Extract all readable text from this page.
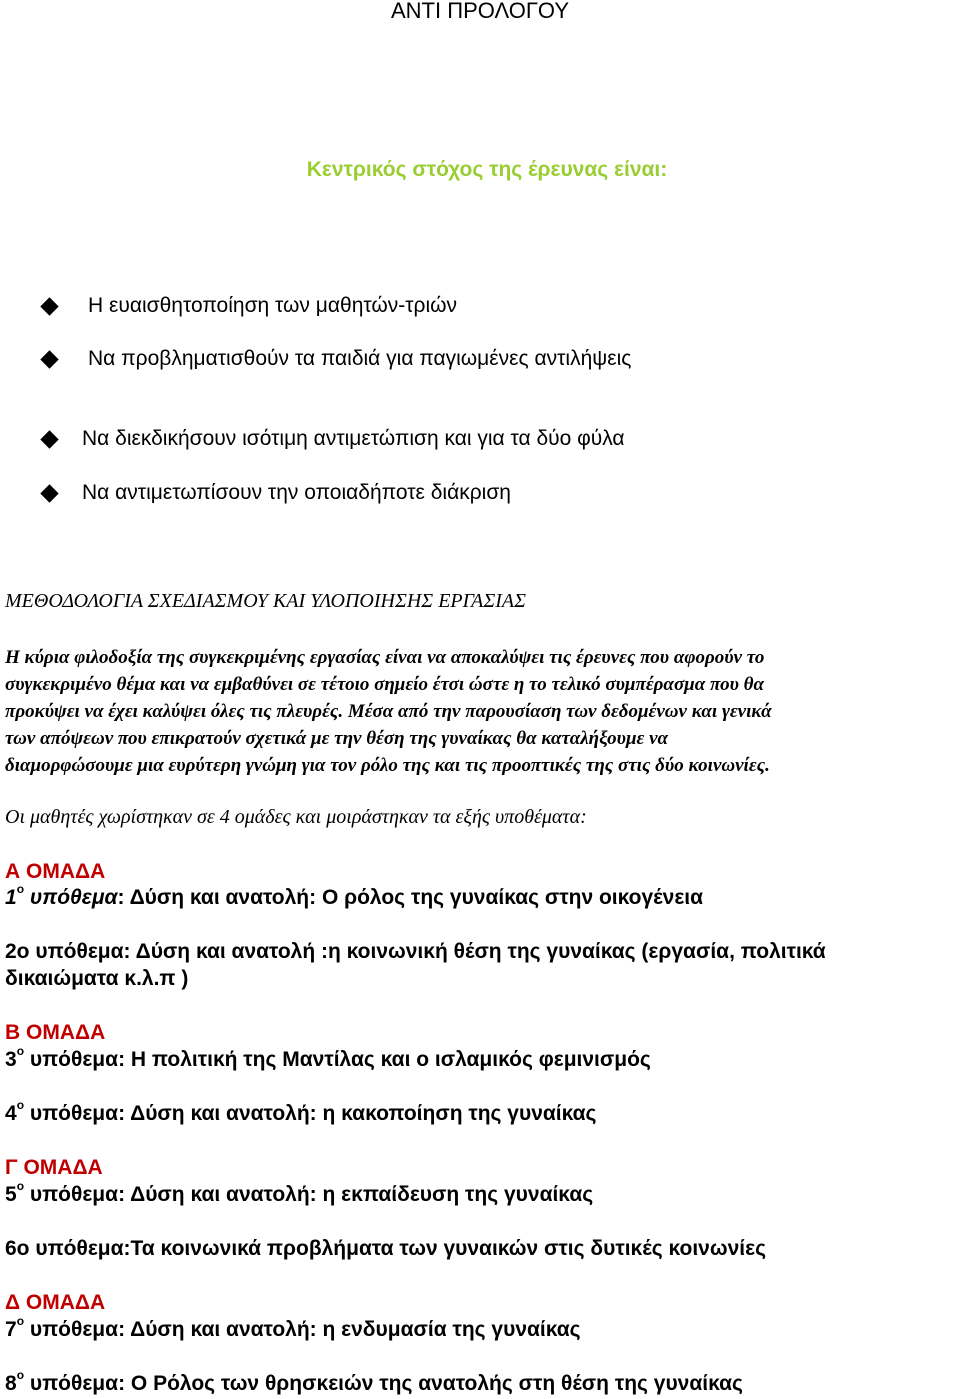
ΑΝΤΙ ΠΡΟΛΟΓΟΥ
Κεντρικός στόχος της έρευνας είναι:
Η ευαισθητοποίηση των μαθητών-τριών
Να προβληματισθούν τα παιδιά για παγιωμένες αντιλήψεις
Να διεκδικήσουν ισότιμη αντιμετώπιση και για τα δύο φύλα
Να αντιμετωπίσουν την οποιαδήποτε διάκριση
ΜΕΘΟΔΟΛΟΓΙΑ ΣΧΕΔΙΑΣΜΟΥ ΚΑΙ ΥΛΟΠΟΙΗΣΗΣ ΕΡΓΑΣΙΑΣ
Η κύρια φιλοδοξία της συγκεκριμένης εργασίας είναι να αποκαλύψει τις έρευνες που αφορούν το
συγκεκριμένο θέμα και να εμβαθύνει σε τέτοιο σημείο έτσι ώστε η το τελικό συμπέρασμα που θα
προκύψει να έχει καλύψει όλες τις πλευρές. Μέσα από την παρουσίαση των δεδομένων και γενικά
των απόψεων που επικρατούν σχετικά με την θέση της γυναίκας θα καταλήξουμε να
διαμορφώσουμε μια ευρύτερη γνώμη για τον ρόλο της και τις προοπτικές της στις δύο κοινωνίες.
Οι μαθητές χωρίστηκαν σε 4 ομάδες και μοιράστηκαν τα εξής υποθέματα:
Α ΟΜΑΔΑ
$1^o$ υπόθεμα: Δύση και ανατολή: Ο ρόλος της γυναίκας στην οικογένεια
2ο υπόθεμα: Δύση και ανατολή :η κοινωνική θέση της γυναίκας (εργασία, πολιτικά
δικαιώματα κ.λ.π )
Β ΟΜΑΔΑ
$3^o$ υπόθεμα: Η πολιτική της Μαντίλας και ο ισλαμικός φεμινισμός
$4^o$ υπόθεμα: Δύση και ανατολή: η κακοποίηση της γυναίκας
Γ ΟΜΑΔΑ
$5^o$ υπόθεμα: Δύση και ανατολή: η εκπαίδευση της γυναίκας
6ο υπόθεμα:Τα κοινωνικά προβλήματα των γυναικών στις δυτικές κοινωνίες
Δ ΟΜΑΔΑ
$7^o$ υπόθεμα: Δύση και ανατολή: η ενδυμασία της γυναίκας
$8^o$ υπόθεμα: Ο Ρόλος των θρησκειών της ανατολής στη θέση της γυναίκας
